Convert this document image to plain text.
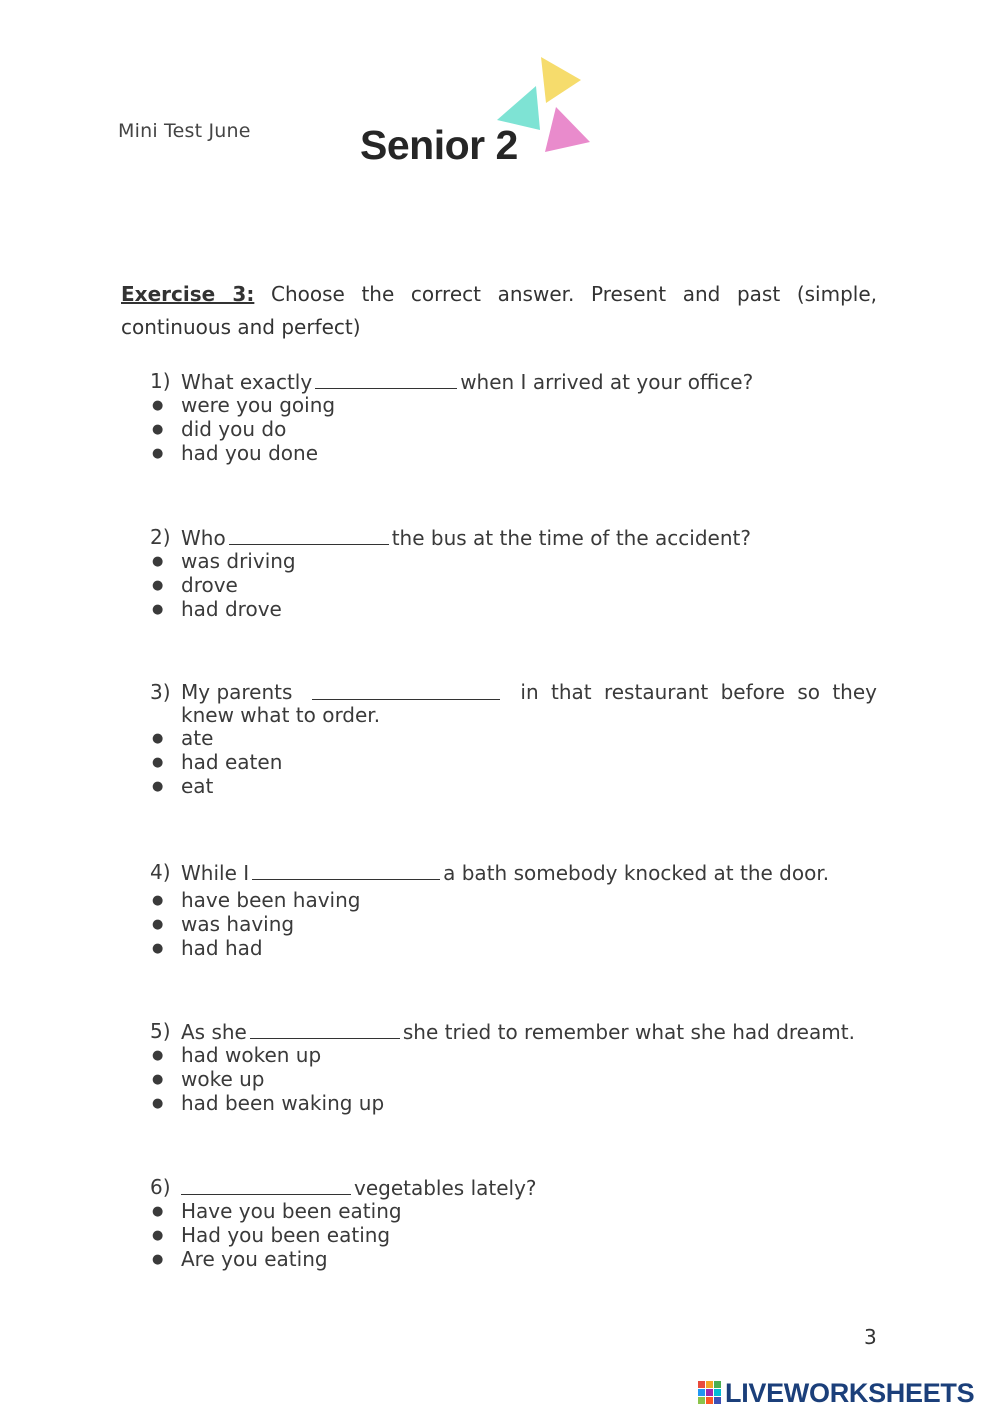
Mini Test June	Senior 2
Exercise 3: Choose the correct answer. Present and past (simple, continuous and perfect)
1) What exactly	when I arrived at your office?
● were you going
● did you do
● had you done
2) Who	the bus at the time of the accident?
● was driving
● drove
● had drove
3) My parents	in that restaurant before so they
knew what to order.
● ate
● had eaten
● eat
4) While I	a bath somebody knocked at the door.
● have been having
● was having
● had had
5) As she	she tried to remember what she had dreamt.
● had woken up
● woke up
● had been waking up
6)	vegetables lately?
● Have you been eating
● Had you been eating
● Are you eating
3
LIVEWORKSHEETS
